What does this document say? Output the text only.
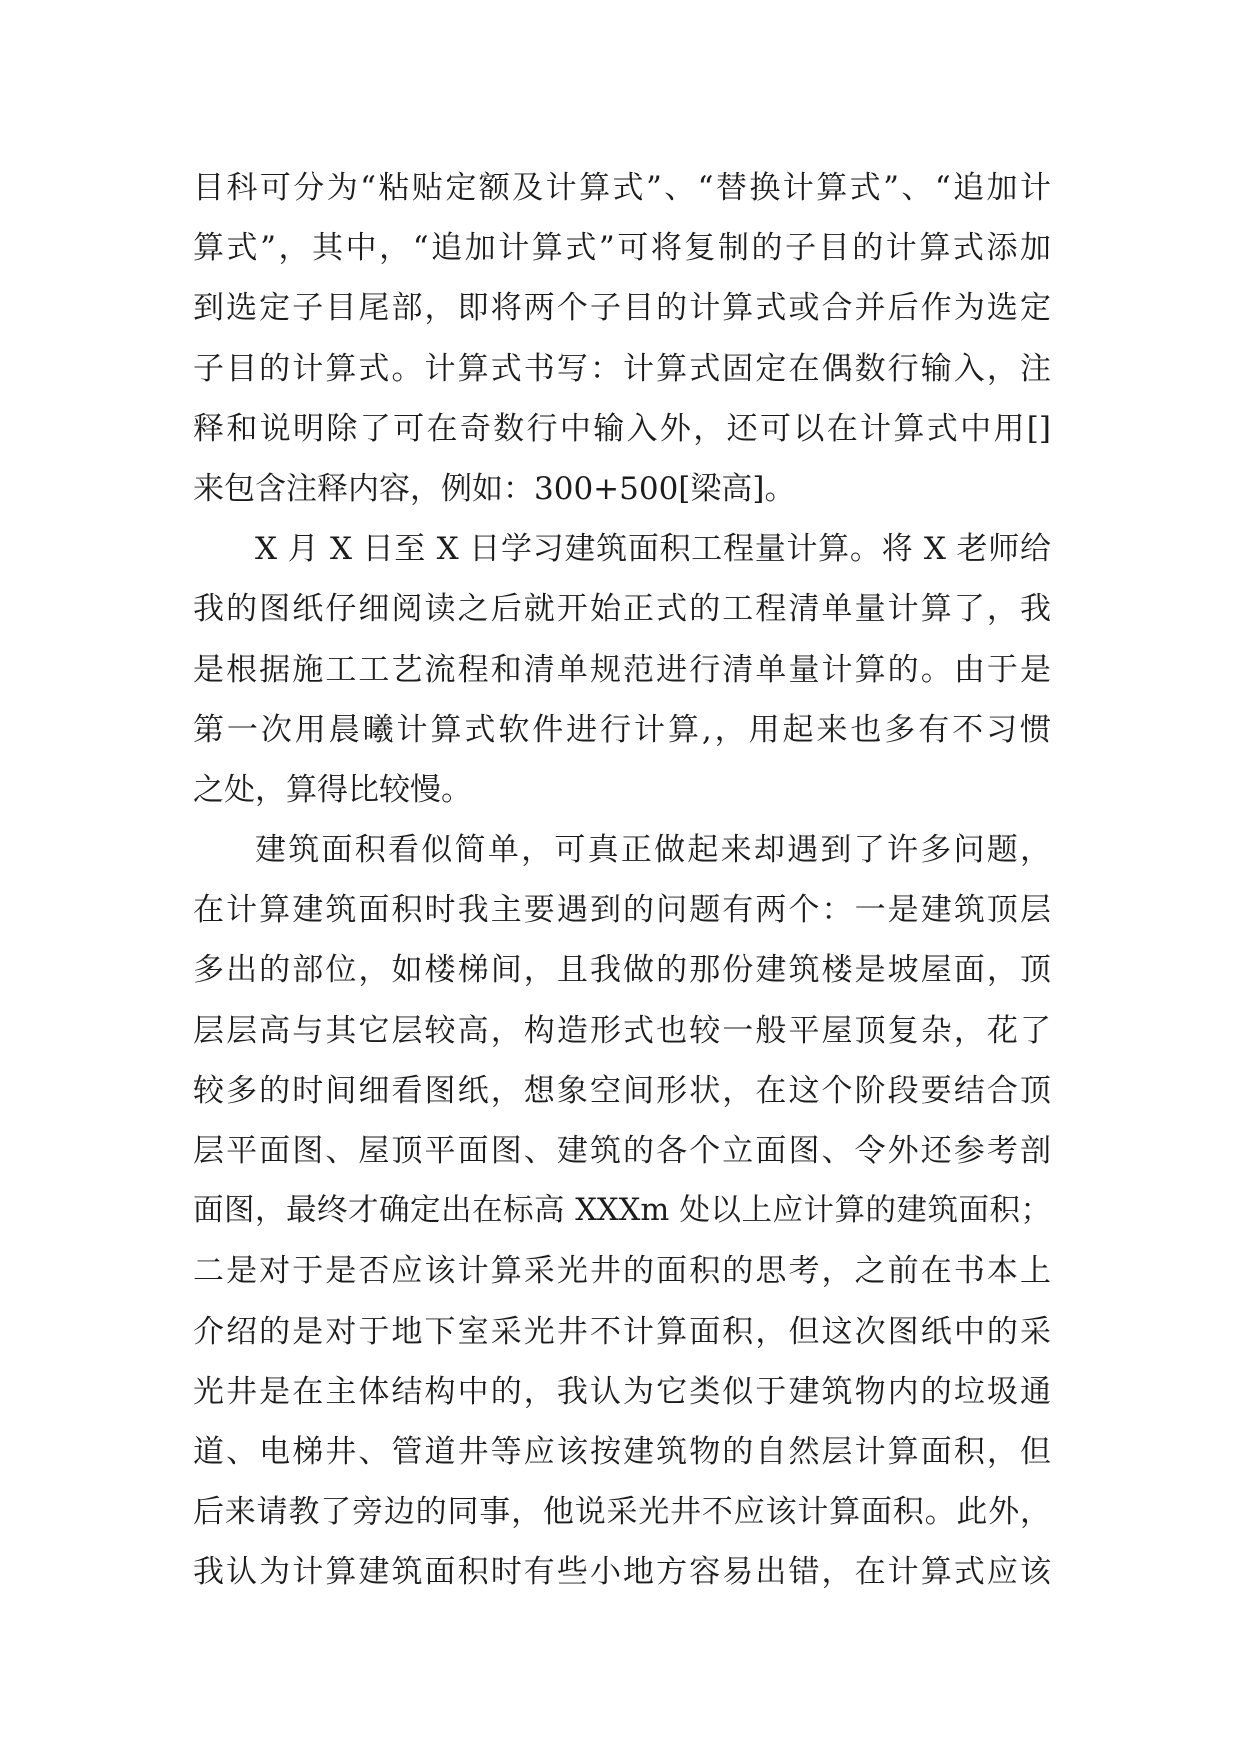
目科可分为“粘贴定额及计算式”、“替换计算式”、“追加计
算式”，其中，“追加计算式”可将复制的子目的计算式添加
到选定子目尾部，即将两个子目的计算式或合并后作为选定
子目的计算式。计算式书写：计算式固定在偶数行输入，注
释和说明除了可在奇数行中输入外，还可以在计算式中用[]
来包含注释内容，例如：300+500[梁高]。
X 月 X 日至 X 日学习建筑面积工程量计算。将 X 老师给
我的图纸仔细阅读之后就开始正式的工程清单量计算了，我
是根据施工工艺流程和清单规范进行清单量计算的。由于是
第一次用晨曦计算式软件进行计算,，用起来也多有不习惯
之处，算得比较慢。
建筑面积看似简单，可真正做起来却遇到了许多问题，
在计算建筑面积时我主要遇到的问题有两个：一是建筑顶层
多出的部位，如楼梯间，且我做的那份建筑楼是坡屋面，顶
层层高与其它层较高，构造形式也较一般平屋顶复杂，花了
较多的时间细看图纸，想象空间形状，在这个阶段要结合顶
层平面图、屋顶平面图、建筑的各个立面图、令外还参考剖
面图，最终才确定出在标高 XXXm 处以上应计算的建筑面积；
二是对于是否应该计算采光井的面积的思考，之前在书本上
介绍的是对于地下室采光井不计算面积，但这次图纸中的采
光井是在主体结构中的，我认为它类似于建筑物内的垃圾通
道、电梯井、管道井等应该按建筑物的自然层计算面积，但
后来请教了旁边的同事，他说采光井不应该计算面积。此外，
我认为计算建筑面积时有些小地方容易出错，在计算式应该
